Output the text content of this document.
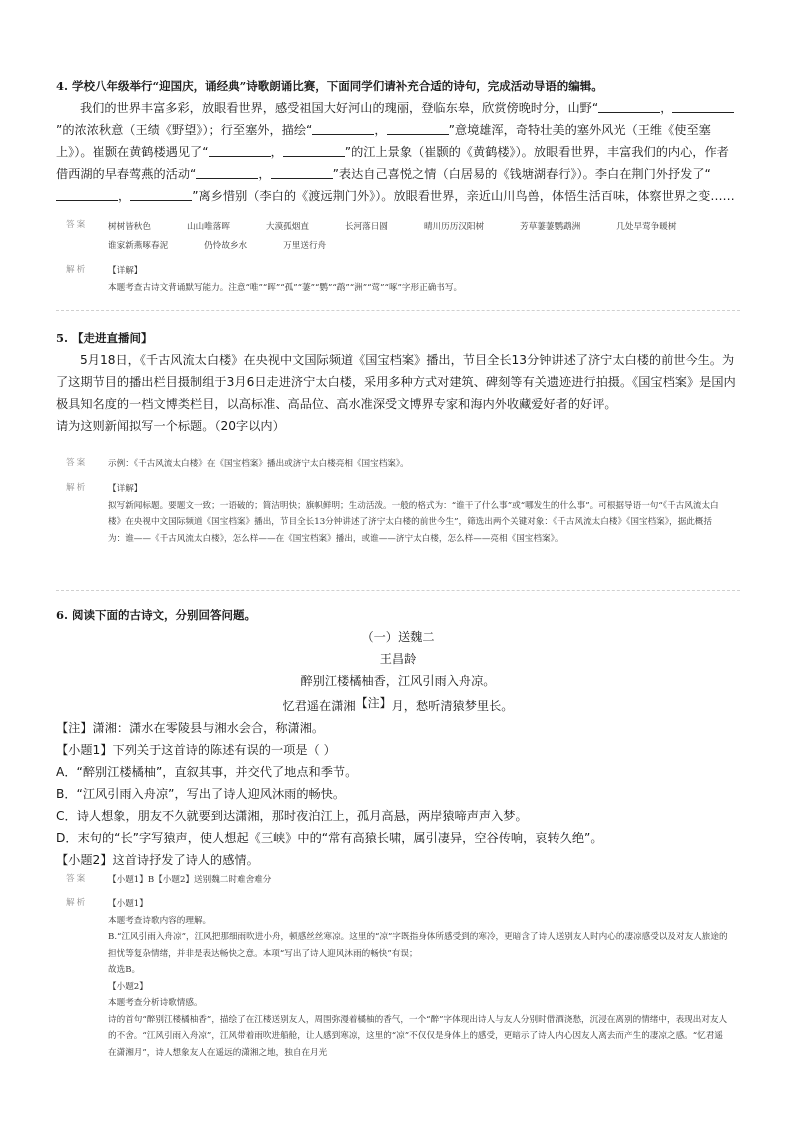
4. 学校八年级举行“迎国庆，诵经典”诗歌朗诵比赛，下面同学们请补充合适的诗句，完成活动导语的编辑。
我们的世界丰富多彩，放眼看世界，感受祖国大好河山的瑰丽，登临东皋，欣赏傍晚时分，山野“	，”的浓浓秋意（王绩《野望》）；行至塞外，描绘“	，	”意境雄浑，奇特壮美的塞外风光（王维《使至塞上》）。崔颢在黄鹤楼遇见了“	，	”的江上景象（崔颢的《黄鹤楼》）。放眼看世界，丰富我们的内心，作者借西湖的早春莺燕的活动“	，	”表达自己喜悦之情（白居易的《钱塘湖春行》）。李白在荆门外抒发了“，	”离乡惜别（李白的《渡远荆门外》）。放眼看世界，亲近山川鸟兽，体悟生活百味，体察世界之变……
答案 树树皆秋色	山山唯落晖	大漠孤烟直	长河落日圆	晴川历历汉阳树	芳草萋萋鹦鹉洲	几处早莺争暖树谁家新燕啄春泥	仍怜故乡水	万里送行舟
解析 【详解】
本题考查古诗文背诵默写能力。注意“唯”“晖”“孤”“萋”“鹦”“鹉”“洲”“莺”“啄”字形正确书写。
5. 【走进直播间】
5月18日，《千古风流太白楼》在央视中文国际频道《国宝档案》播出，节目全长13分钟讲述了济宁太白楼的前世今生。为了这期节目的播出栏目摄制组于3月6日走进济宁太白楼，采用多种方式对建筑、碑刻等有关遗迹进行拍摄。《国宝档案》是国内极具知名度的一档文博类栏目，以高标准、高品位、高水准深受文博界专家和海内外收藏爱好者的好评。
请为这则新闻拟写一个标题。（20字以内）
答案 示例：《千古风流太白楼》在《国宝档案》播出或济宁太白楼亮相《国宝档案》。
解析 【详解】
拟写新闻标题。要题文一致；一语破的；简洁明快；旗帜鲜明；生动活泼。一般的格式为：“谁干了什么事”或“哪发生的什么事”。可根据导语一句“《千古风流太白楼》在央视中文国际频道《国宝档案》播出，节目全长13分钟讲述了济宁太白楼的前世今生”，筛选出两个关键对象：《千古风流太白楼》《国宝档案》，据此概括为：谁——《千古风流太白楼》，怎么样——在《国宝档案》播出，或谁——济宁太白楼，怎么样——亮相《国宝档案》。
6. 阅读下面的古诗文，分别回答问题。
（一）送魏二
王昌龄
醉别江楼橘柚香，江风引雨入舟凉。
忆君遥在潇湘$^{【注】}$月，愁听清猿梦里长。
【注】潇湘：潇水在零陵县与湘水会合，称潇湘。
【小题1】下列关于这首诗的陈述有误的一项是（ ）
A．“醉别江楼橘柚”，直叙其事，并交代了地点和季节。
B．“江风引雨入舟凉”，写出了诗人迎风沐雨的畅快。
C．诗人想象，朋友不久就要到达潇湘，那时夜泊江上，孤月高悬，两岸猿啼声声入梦。
D．末句的“长”字写猿声，使人想起《三峡》中的“常有高猿长啸，属引凄异，空谷传响，哀转久绝”。
【小题2】这首诗抒发了诗人的感情。
答案 【小题1】B【小题2】送别魏二时难舍难分
解析 【小题1】
本题考查诗歌内容的理解。
B.“江风引雨入舟凉”，江风把那细雨吹进小舟，顿感丝丝寒凉。这里的“凉”字既指身体所感受到的寒冷，更暗含了诗人送别友人时内心的凄凉感受以及对友人旅途的担忧等复杂情绪，并非是表达畅快之意。本项“写出了诗人迎风沐雨的畅快”有误；
故选B。
【小题2】
本题考查分析诗歌情感。
诗的首句“醉别江楼橘柚香”，描绘了在江楼送别友人，周围弥漫着橘柚的香气，一个“醉”字体现出诗人与友人分别时借酒浇愁，沉浸在离别的情绪中，表现出对友人的不舍。“江风引雨入舟凉”，江风带着雨吹进船舱，让人感到寒凉，这里的“凉”不仅仅是身体上的感受，更暗示了诗人内心因友人离去而产生的凄凉之感。“忆君遥在潇湘月”，诗人想象友人在遥远的潇湘之地，独自在月光
